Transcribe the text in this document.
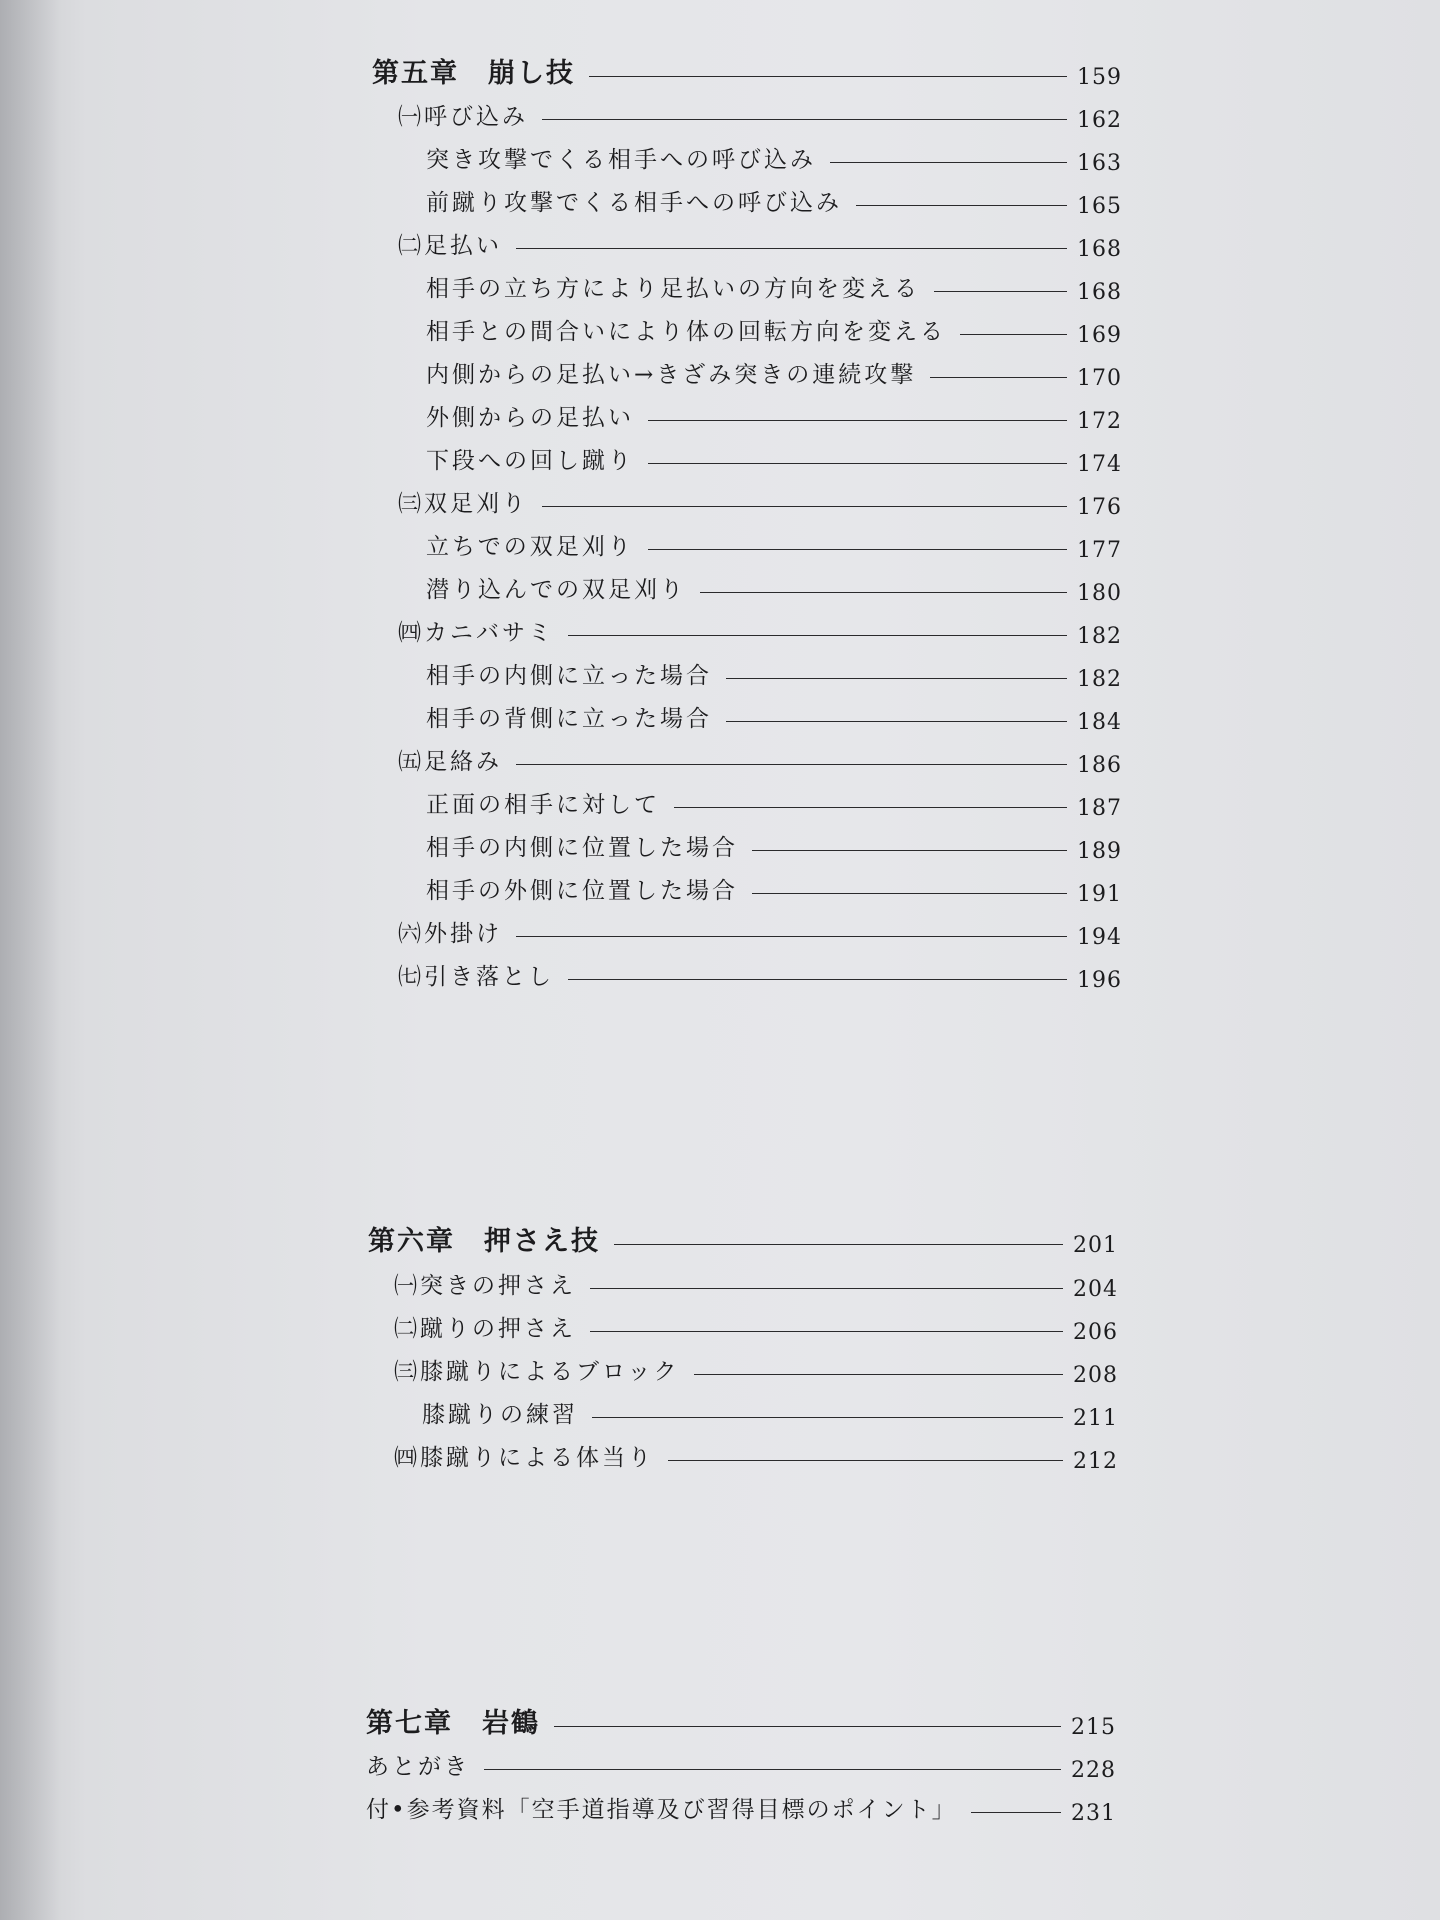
第五章　崩し技	159
㈠呼び込み	162
突き攻撃でくる相手への呼び込み	163
前蹴り攻撃でくる相手への呼び込み	165
㈡足払い	168
相手の立ち方により足払いの方向を変える	168
相手との間合いにより体の回転方向を変える	169
内側からの足払い→きざみ突きの連続攻撃	170
外側からの足払い	172
下段への回し蹴り	174
㈢双足刈り	176
立ちでの双足刈り	177
潜り込んでの双足刈り	180
㈣カニバサミ	182
相手の内側に立った場合	182
相手の背側に立った場合	184
㈤足絡み	186
正面の相手に対して	187
相手の内側に位置した場合	189
相手の外側に位置した場合	191
㈥外掛け	194
㈦引き落とし	196
第六章　押さえ技	201
㈠突きの押さえ	204
㈡蹴りの押さえ	206
㈢膝蹴りによるブロック	208
膝蹴りの練習	211
㈣膝蹴りによる体当り	212
第七章　岩鶴	215
あとがき	228
付•参考資料「空手道指導及び習得目標のポイント」	231
